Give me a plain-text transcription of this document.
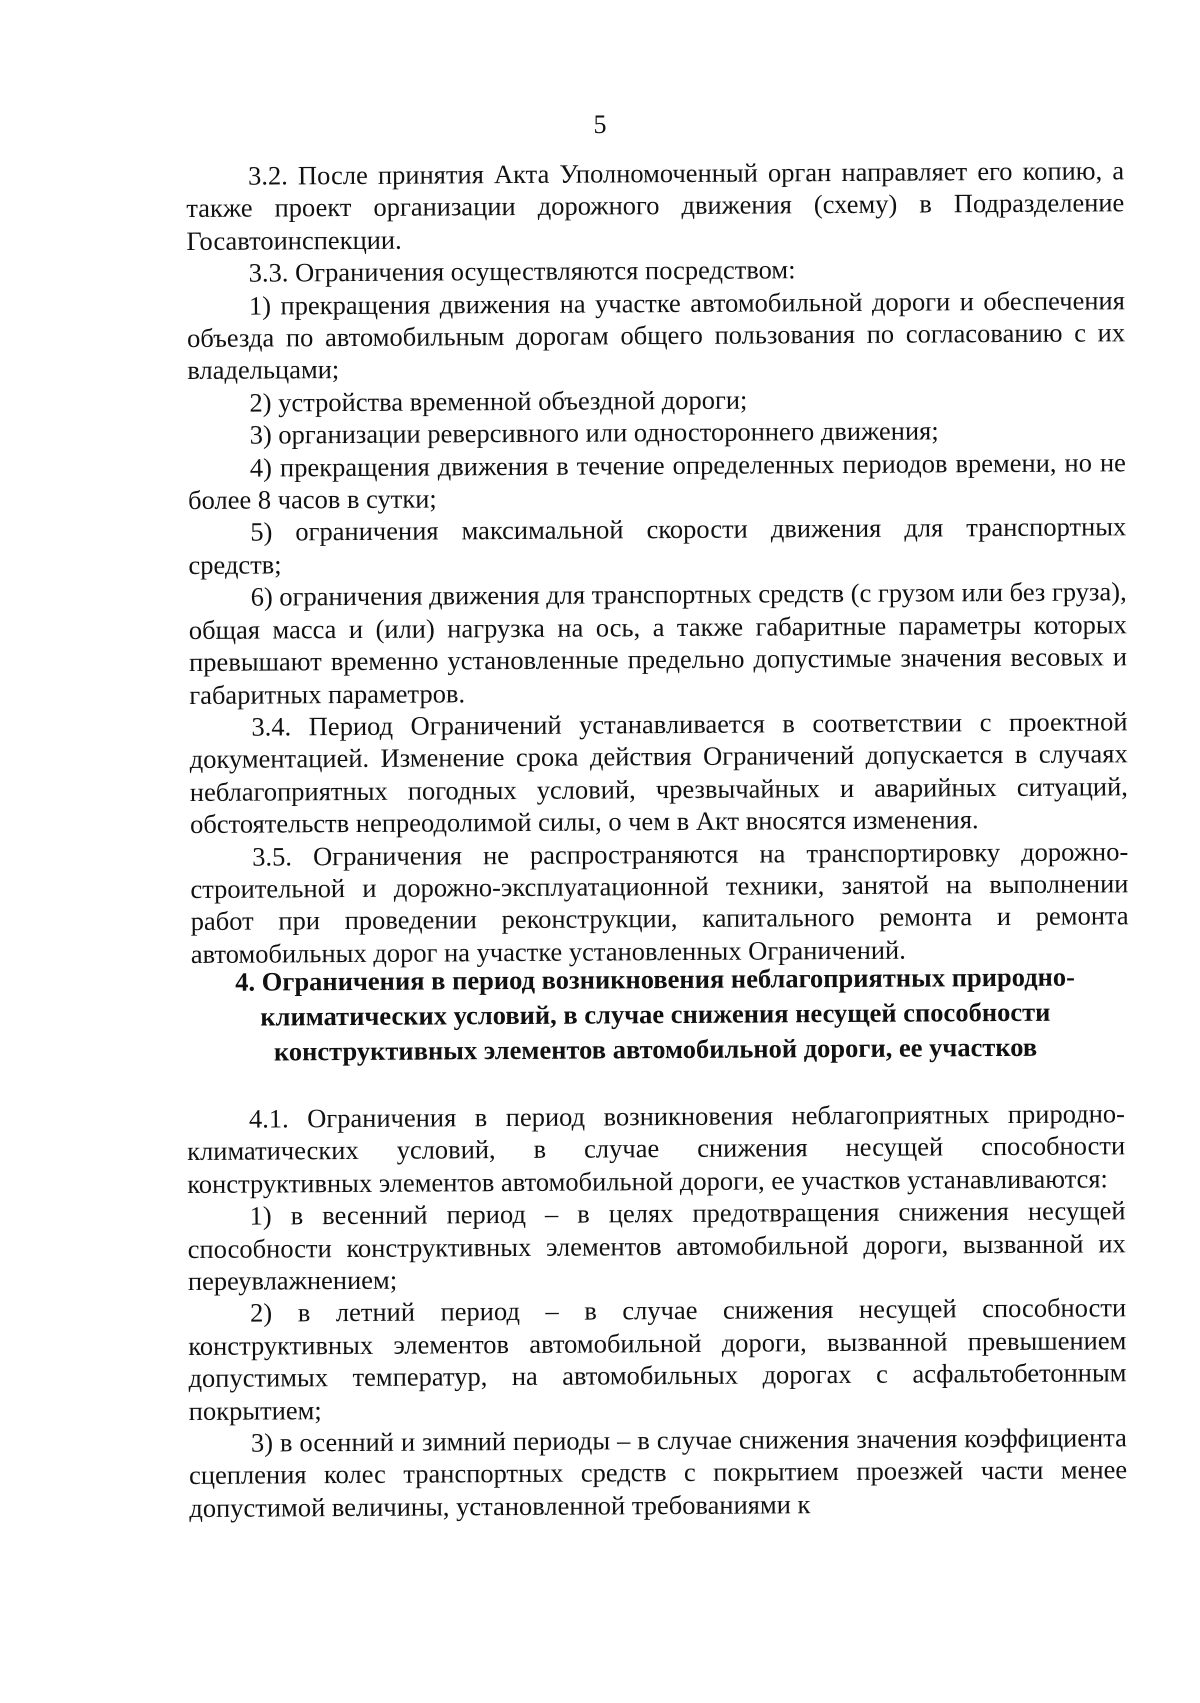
5

3.2. После принятия Акта Уполномоченный орган направляет его копию, а также проект организации дорожного движения (схему) в Подразделение Госавтоинспекции.

3.3. Ограничения осуществляются посредством:

1) прекращения движения на участке автомобильной дороги и обеспечения объезда по автомобильным дорогам общего пользования по согласованию с их владельцами;

2) устройства временной объездной дороги;

3) организации реверсивного или одностороннего движения;

4) прекращения движения в течение определенных периодов времени, но не более 8 часов в сутки;

5) ограничения максимальной скорости движения для транспортных средств;

6) ограничения движения для транспортных средств (с грузом или без груза), общая масса и (или) нагрузка на ось, а также габаритные параметры которых превышают временно установленные предельно допустимые значения весовых и габаритных параметров.

3.4. Период Ограничений устанавливается в соответствии с проектной документацией. Изменение срока действия Ограничений допускается в случаях неблагоприятных погодных условий, чрезвычайных и аварийных ситуаций, обстоятельств непреодолимой силы, о чем в Акт вносятся изменения.

3.5. Ограничения не распространяются на транспортировку дорожно-строительной и дорожно-эксплуатационной техники, занятой на выполнении работ при проведении реконструкции, капитального ремонта и ремонта автомобильных дорог на участке установленных Ограничений.

4. Ограничения в период возникновения неблагоприятных природно-климатических условий, в случае снижения несущей способности конструктивных элементов автомобильной дороги, ее участков

4.1. Ограничения в период возникновения неблагоприятных природно-климатических условий, в случае снижения несущей способности конструктивных элементов автомобильной дороги, ее участков устанавливаются:

1) в весенний период – в целях предотвращения снижения несущей способности конструктивных элементов автомобильной дороги, вызванной их переувлажнением;

2) в летний период – в случае снижения несущей способности конструктивных элементов автомобильной дороги, вызванной превышением допустимых температур, на автомобильных дорогах с асфальтобетонным покрытием;

3) в осенний и зимний периоды – в случае снижения значения коэффициента сцепления колес транспортных средств с покрытием проезжей части менее допустимой величины, установленной требованиями к
